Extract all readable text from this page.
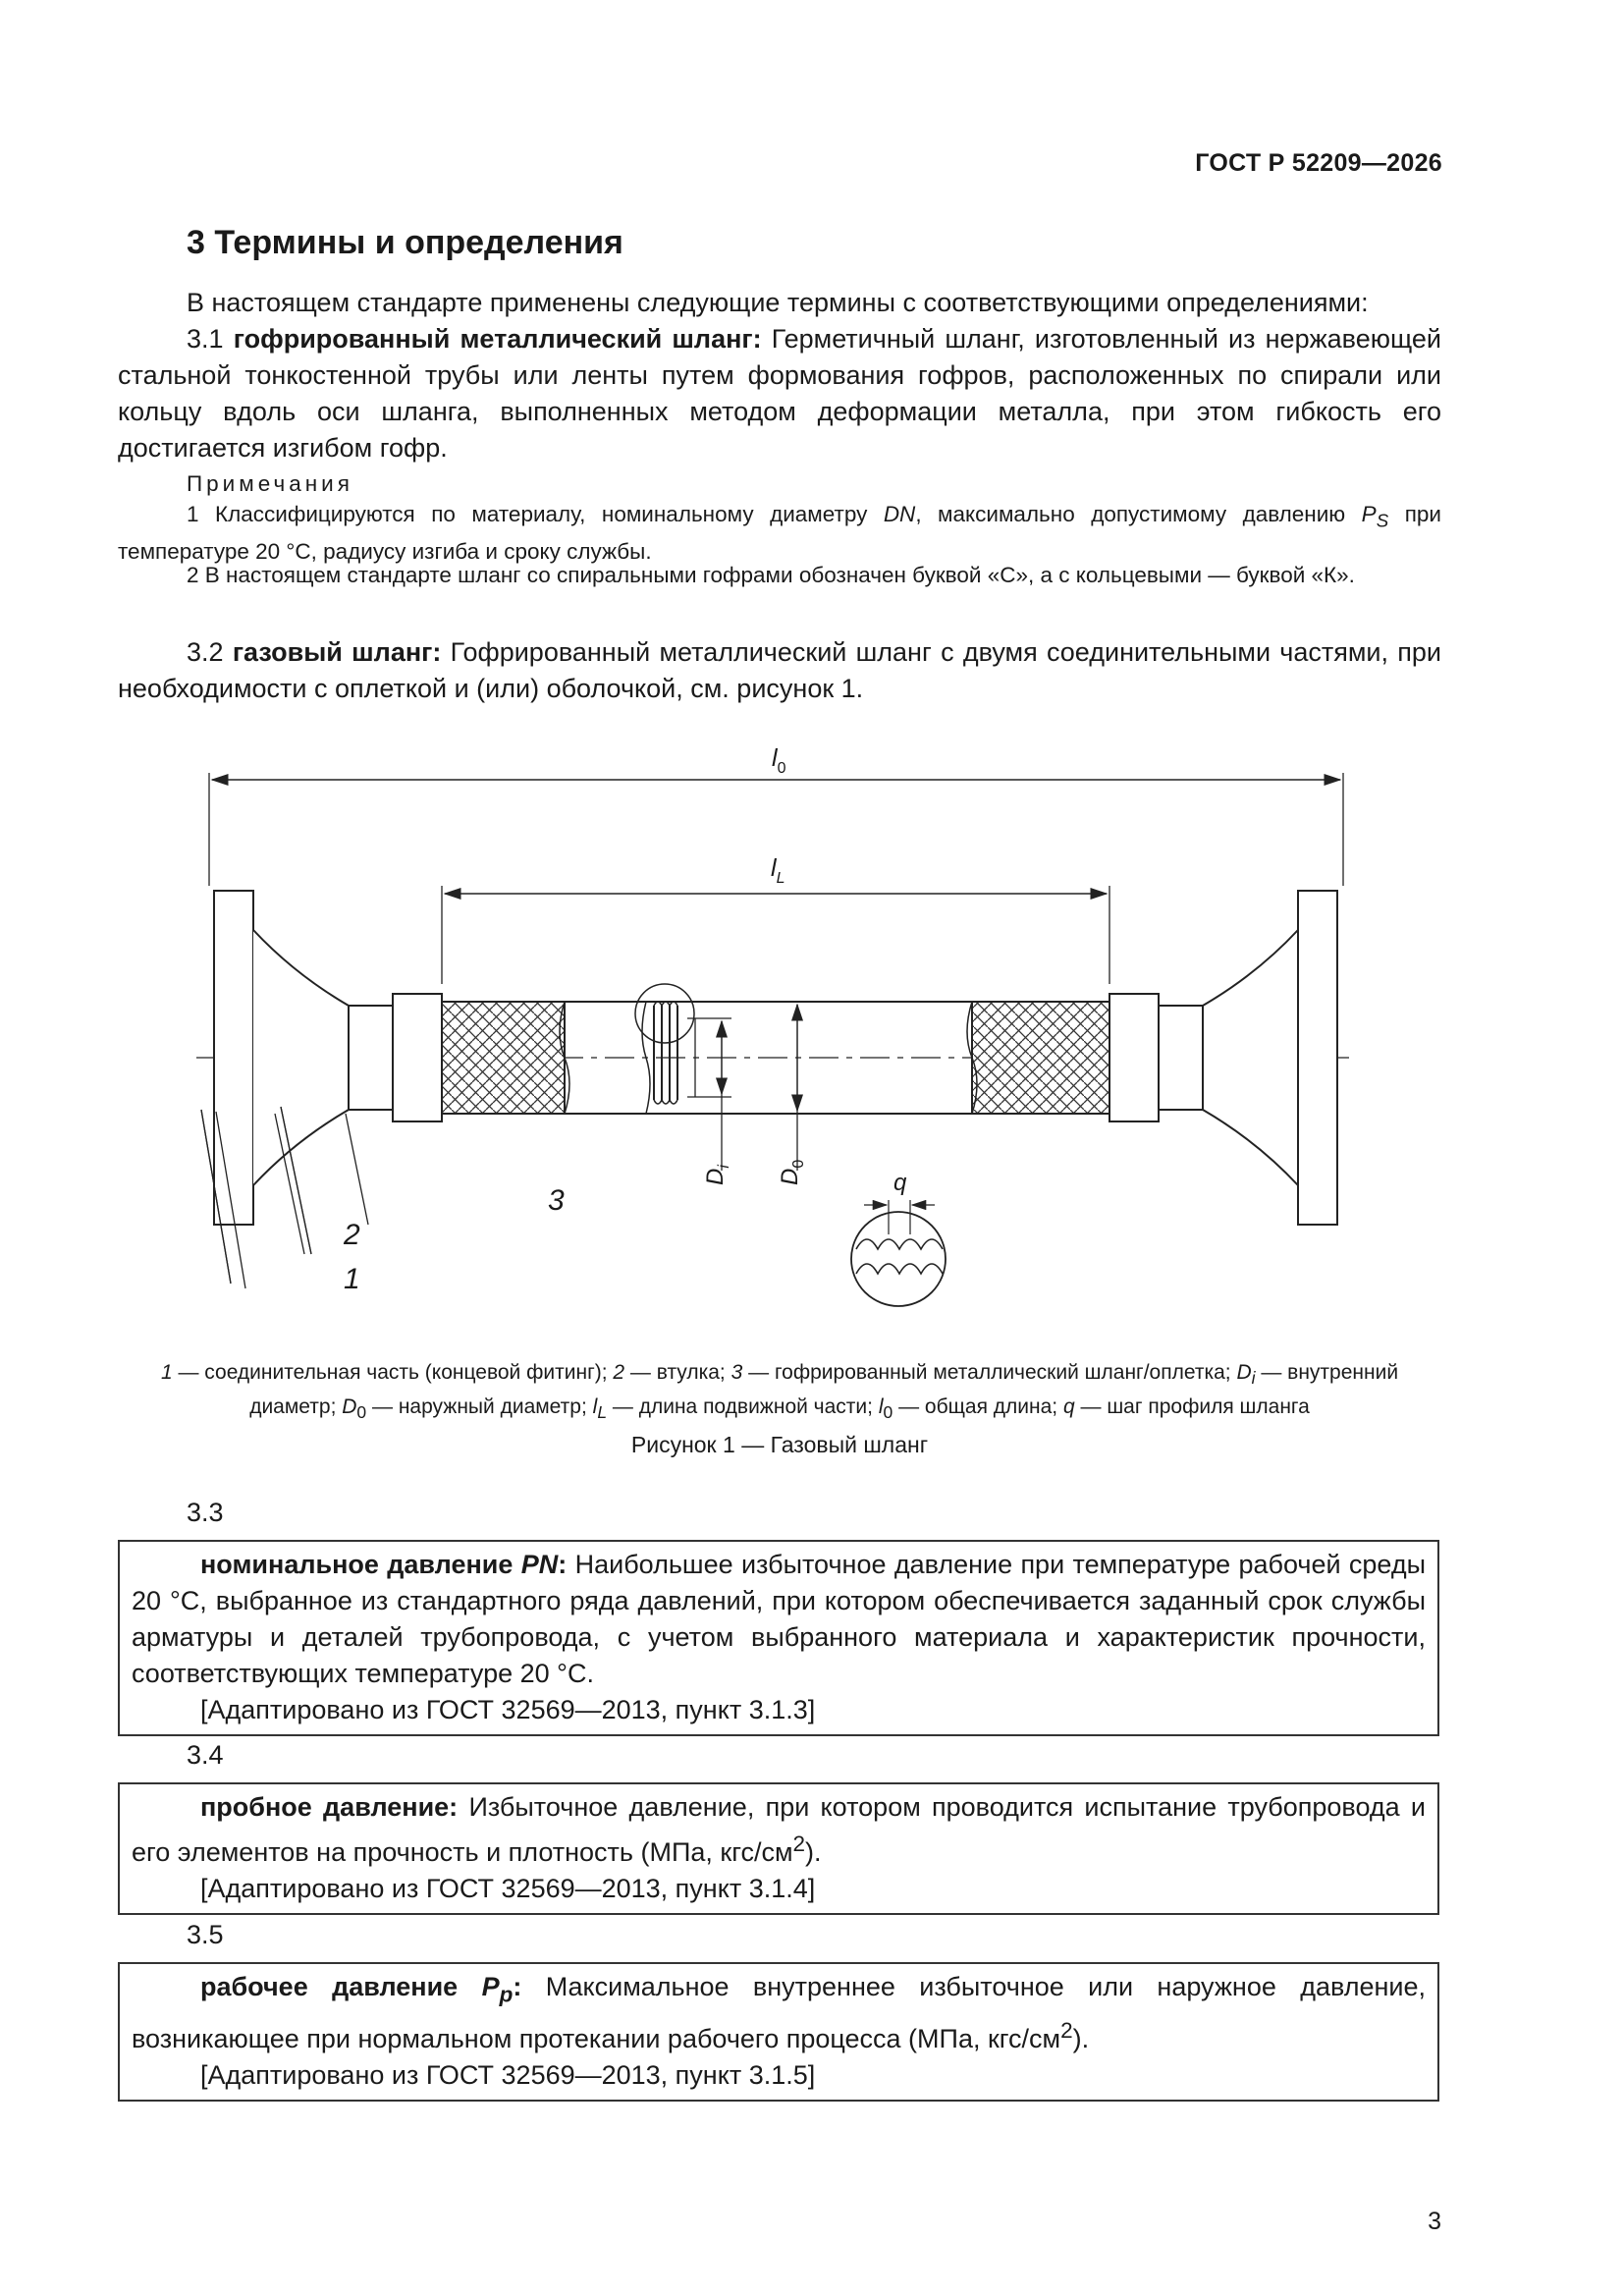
ГОСТ Р 52209—2026
3 Термины и определения
В настоящем стандарте применены следующие термины с соответствующими определениями:
3.1 гофрированный металлический шланг: Герметичный шланг, изготовленный из нержавеющей стальной тонкостенной трубы или ленты путем формования гофров, расположенных по спирали или кольцу вдоль оси шланга, выполненных методом деформации металла, при этом гибкость его достигается изгибом гофр.
Примечания
1 Классифицируются по материалу, номинальному диаметру DN, максимально допустимому давлению $P_S$ при температуре 20 °С, радиусу изгиба и сроку службы.
2 В настоящем стандарте шланг со спиральными гофрами обозначен буквой «С», а с кольцевыми — буквой «К».
3.2 газовый шланг: Гофрированный металлический шланг с двумя соединительными частями, при необходимости с оплеткой и (или) оболочкой, см. рисунок 1.
$l_0$
$l_L$
$D_i$
$D_0$
q
2
3
1
1 — соединительная часть (концевой фитинг); 2 — втулка; 3 — гофрированный металлический шланг/оплетка; $D_i$ — внутренний
диаметр; $D_0$ — наружный диаметр; $l_L$ — длина подвижной части; $l_0$ — общая длина; q — шаг профиля шланга
Рисунок 1 — Газовый шланг
3.3
номинальное давление PN: Наибольшее избыточное давление при температуре рабочей среды 20 °С, выбранное из стандартного ряда давлений, при котором обеспечивается заданный срок службы арматуры и деталей трубопровода, с учетом выбранного материала и характеристик прочности, соответствующих температуре 20 °С.
[Адаптировано из ГОСТ 32569—2013, пункт 3.1.3]
3.4
пробное давление: Избыточное давление, при котором проводится испытание трубопровода и его элементов на прочность и плотность (МПа, кгс/$см^2$).
[Адаптировано из ГОСТ 32569—2013, пункт 3.1.4]
3.5
рабочее давление $P_p$: Максимальное внутреннее избыточное или наружное давление, возникающее при нормальном протекании рабочего процесса (МПа, кгс/$см^2$).
[Адаптировано из ГОСТ 32569—2013, пункт 3.1.5]
3
